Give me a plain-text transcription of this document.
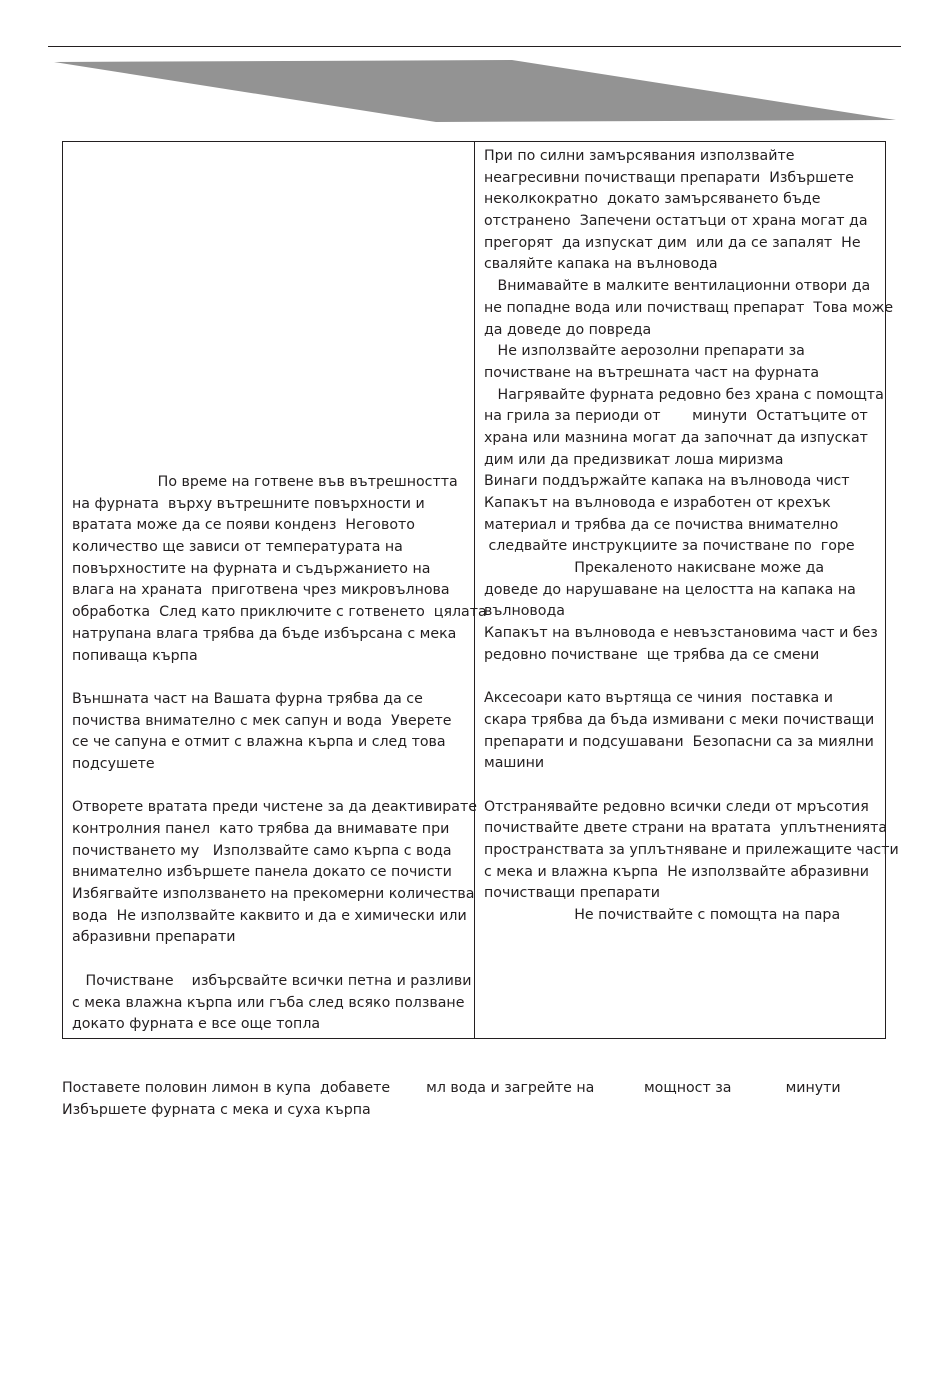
По време на готвене във вътрешността
на фурната  върху вътрешните повърхности и
вратата може да се появи конденз  Неговото
количество ще зависи от температурата на
повърхностите на фурната и съдържанието на
влага на храната  приготвена чрез микровълнова
обработка  След като приключите с готвенето  цялата
натрупана влага трябва да бъде избърсана с мека
попиваща кърпа
Външната част на Вашата фурна трябва да се
почиства внимателно с мек сапун и вода  Уверете
се че сапуна е отмит с влажна кърпа и след това
подсушете
Отворете вратата преди чистене за да деактивирате
контролния панел  като трябва да внимавате при
почистването му   Използвайте само кърпа с вода
внимателно избършете панела докато се почисти
Избягвайте използването на прекомерни количества
вода  Не използвайте каквито и да е химически или
абразивни препарати
Почистване    избърсвайте всички петна и разливи
с мека влажна кърпа или гъба след всяко ползване
докато фурната е все още топла
При по силни замърсявания използвайте
неагресивни почистващи препарати  Избършете
неколкократно  докато замърсяването бъде
отстранено  Запечени остатъци от храна могат да
прегорят  да изпускат дим  или да се запалят  Не
сваляйте капака на вълновода
Внимавайте в малките вентилационни отвори да
не попадне вода или почистващ препарат  Това може
да доведе до повреда
Не използвайте аерозолни препарати за
почистване на вътрешната част на фурната
Нагрявайте фурната редовно без храна с помощта
на грила за периоди от       минути  Остатъците от
храна или мазнина могат да започнат да изпускат
дим или да предизвикат лоша миризма
Винаги поддържайте капака на вълновода чист
Капакът на вълновода е изработен от крехък
материал и трябва да се почиства внимателно
следвайте инструкциите за почистване по  горе
Прекаленото накисване може да
доведе до нарушаване на целостта на капака на
вълновода
Капакът на вълновода е невъзстановима част и без
редовно почистване  ще трябва да се смени
Аксесоари като въртяща се чиния  поставка и
скара трябва да бъда измивани с меки почистващи
препарати и подсушавани  Безопасни са за миялни
машини
Отстранявайте редовно всички следи от мръсотия
почиствайте двете страни на вратата  уплътненията
пространствата за уплътняване и прилежащите части
с мека и влажна кърпа  Не използвайте абразивни
почистващи препарати
Не почиствайте с помощта на пара
Поставете половин лимон в купа  добавете        мл вода и загрейте на           мощност за            минути
Избършете фурната с мека и суха кърпа
